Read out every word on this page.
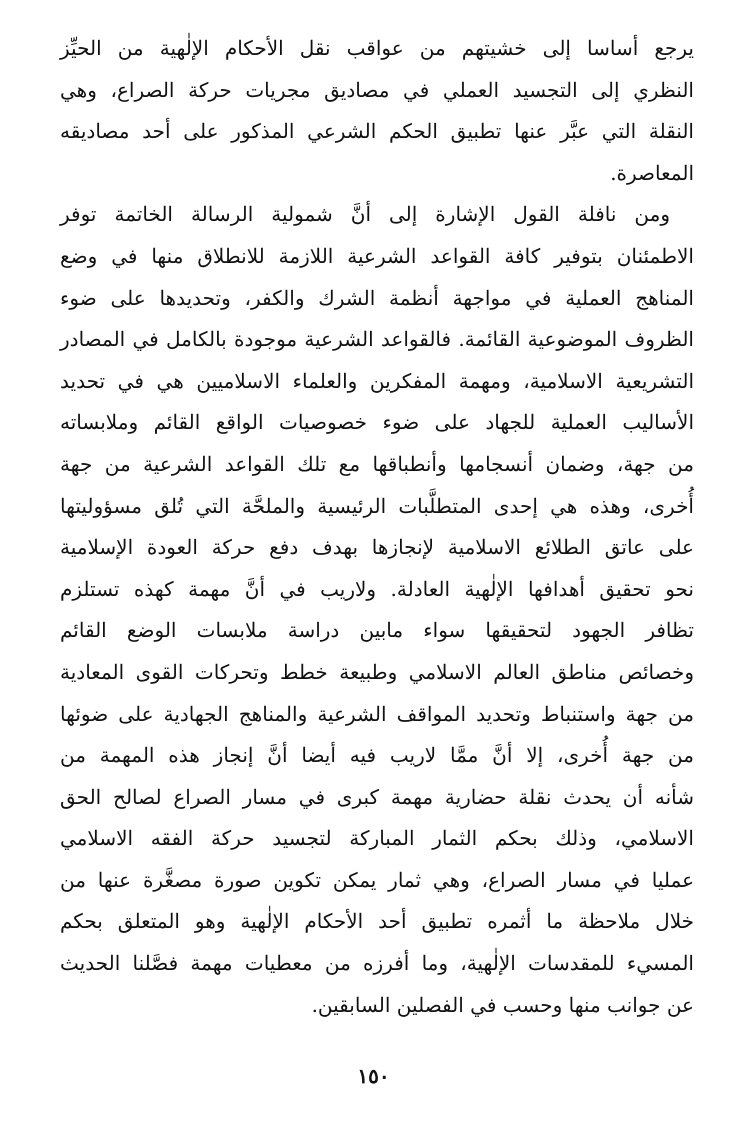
يرجع أساسا إلى خشيتهم من عواقب نقل الأحكام الإلٰهية من الحيِّز
النظري إلى التجسيد العملي في مصاديق مجريات حركة الصراع، وهي
النقلة التي عبَّر عنها تطبيق الحكم الشرعي المذكور على أحد مصاديقه
المعاصرة.
ومن نافلة القول الإشارة إلى أنَّ شمولية الرسالة الخاتمة توفر
الاطمئنان بتوفير كافة القواعد الشرعية اللازمة للانطلاق منها في وضع
المناهج العملية في مواجهة أنظمة الشرك والكفر، وتحديدها على ضوء
الظروف الموضوعية القائمة. فالقواعد الشرعية موجودة بالكامل في المصادر
التشريعية الاسلامية، ومهمة المفكرين والعلماء الاسلاميين هي في تحديد
الأساليب العملية للجهاد على ضوء خصوصيات الواقع القائم وملابساته
من جهة، وضمان أنسجامها وأنطباقها مع تلك القواعد الشرعية من جهة
أُخرى، وهذه هي إحدى المتطلَّبات الرئيسية والملحَّة التي تُلق مسؤوليتها
على عاتق الطلائع الاسلامية لإنجازها بهدف دفع حركة العودة الإسلامية
نحو تحقيق أهدافها الإلٰهية العادلة. ولاريب في أنَّ مهمة كهذه تستلزم
تظافر الجهود لتحقيقها سواء مابين دراسة ملابسات الوضع القائم
وخصائص مناطق العالم الاسلامي وطبيعة خطط وتحركات القوى المعادية
من جهة واستنباط وتحديد المواقف الشرعية والمناهج الجهادية على ضوئها
من جهة أُخرى، إلا أنَّ ممَّا لاريب فيه أيضا أنَّ إنجاز هذه المهمة من
شأنه أن يحدث نقلة حضارية مهمة كبرى في مسار الصراع لصالح الحق
الاسلامي، وذلك بحكم الثمار المباركة لتجسيد حركة الفقه الاسلامي
عمليا في مسار الصراع، وهي ثمار يمكن تكوين صورة مصغَّرة عنها من
خلال ملاحظة ما أثمره تطبيق أحد الأحكام الإلٰهية وهو المتعلق بحكم
المسيء للمقدسات الإلٰهية، وما أفرزه من معطيات مهمة فصَّلنا الحديث
عن جوانب منها وحسب في الفصلين السابقين.
١٥٠
